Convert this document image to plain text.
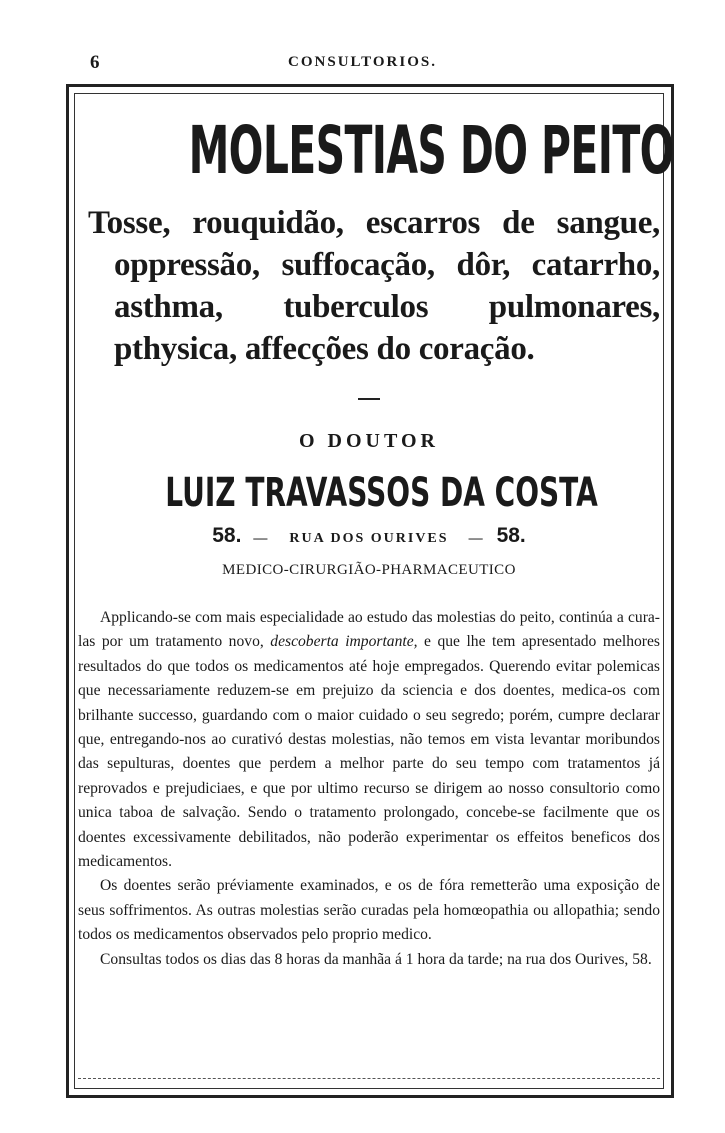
6	CONSULTORIOS.
MOLESTIAS DO PEITO
Tosse, rouquidão, escarros de sangue, oppressão, suffocação, dôr, catarrho, asthma, tuberculos pulmonares, pthysica, affecções do coração.
O DOUTOR
LUIZ TRAVASSOS DA COSTA
58. — RUA DOS OURIVES — 58.
MEDICO-CIRURGIÃO-PHARMACEUTICO

Applicando-se com mais especialidade ao estudo das molestias do peito, continúa a cura-las por um tratamento novo, descoberta importante, e que lhe tem apresentado melhores resultados do que todos os medicamentos até hoje empregados. Querendo evitar polemicas que necessariamente reduzem-se em prejuizo da sciencia e dos doentes, medica-os com brilhante successo, guardando com o maior cuidado o seu segredo; porém, cumpre declarar que, entregando-nos ao curativó destas molestias, não temos em vista levantar moribundos das sepulturas, doentes que perdem a melhor parte do seu tempo com tratamentos já reprovados e prejudiciaes, e que por ultimo recurso se dirigem ao nosso consultorio como unica taboa de salvação. Sendo o tratamento prolongado, concebe-se facilmente que os doentes excessivamente debilitados, não poderão experimentar os effeitos beneficos dos medicamentos.

Os doentes serão préviamente examinados, e os de fóra remetterão uma exposição de seus soffrimentos. As outras molestias serão curadas pela homœopathia ou allopathia; sendo todos os medicamentos observados pelo proprio medico.

Consultas todos os dias das 8 horas da manhãa á 1 hora da tarde; na rua dos Ourives, 58.
